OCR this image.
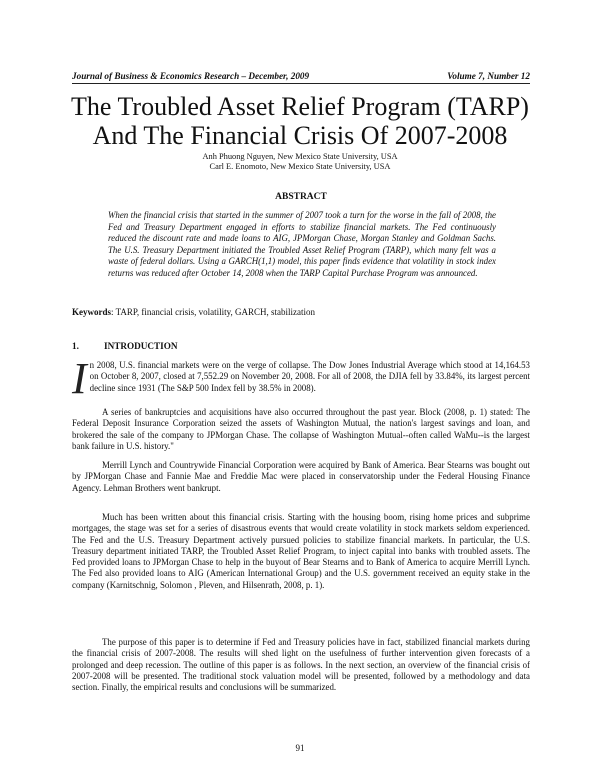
Journal of Business & Economics Research – December, 2009	Volume 7, Number 12
The Troubled Asset Relief Program (TARP)
And The Financial Crisis Of 2007-2008
Anh Phuong Nguyen, New Mexico State University, USA
Carl E. Enomoto, New Mexico State University, USA
ABSTRACT
When the financial crisis that started in the summer of 2007 took a turn for the worse in the fall of 2008, the Fed and Treasury Department engaged in efforts to stabilize financial markets. The Fed continuously reduced the discount rate and made loans to AIG, JPMorgan Chase, Morgan Stanley and Goldman Sachs. The U.S. Treasury Department initiated the Troubled Asset Relief Program (TARP), which many felt was a waste of federal dollars. Using a GARCH(1,1) model, this paper finds evidence that volatility in stock index returns was reduced after October 14, 2008 when the TARP Capital Purchase Program was announced.
Keywords: TARP, financial crisis, volatility, GARCH, stabilization
1.	INTRODUCTION
In 2008, U.S. financial markets were on the verge of collapse. The Dow Jones Industrial Average which stood at 14,164.53 on October 8, 2007, closed at 7,552.29 on November 20, 2008. For all of 2008, the DJIA fell by 33.84%, its largest percent decline since 1931 (The S&P 500 Index fell by 38.5% in 2008).
A series of bankruptcies and acquisitions have also occurred throughout the past year. Block (2008, p. 1) stated: The Federal Deposit Insurance Corporation seized the assets of Washington Mutual, the nation's largest savings and loan, and brokered the sale of the company to JPMorgan Chase. The collapse of Washington Mutual--often called WaMu--is the largest bank failure in U.S. history."
Merrill Lynch and Countrywide Financial Corporation were acquired by Bank of America. Bear Stearns was bought out by JPMorgan Chase and Fannie Mae and Freddie Mac were placed in conservatorship under the Federal Housing Finance Agency. Lehman Brothers went bankrupt.
Much has been written about this financial crisis. Starting with the housing boom, rising home prices and subprime mortgages, the stage was set for a series of disastrous events that would create volatility in stock markets seldom experienced. The Fed and the U.S. Treasury Department actively pursued policies to stabilize financial markets. In particular, the U.S. Treasury department initiated TARP, the Troubled Asset Relief Program, to inject capital into banks with troubled assets. The Fed provided loans to JPMorgan Chase to help in the buyout of Bear Stearns and to Bank of America to acquire Merrill Lynch. The Fed also provided loans to AIG (American International Group) and the U.S. government received an equity stake in the company (Karnitschnig, Solomon , Pleven, and Hilsenrath, 2008, p. 1).
The purpose of this paper is to determine if Fed and Treasury policies have in fact, stabilized financial markets during the financial crisis of 2007-2008. The results will shed light on the usefulness of further intervention given forecasts of a prolonged and deep recession. The outline of this paper is as follows. In the next section, an overview of the financial crisis of 2007-2008 will be presented. The traditional stock valuation model will be presented, followed by a methodology and data section. Finally, the empirical results and conclusions will be summarized.
91
